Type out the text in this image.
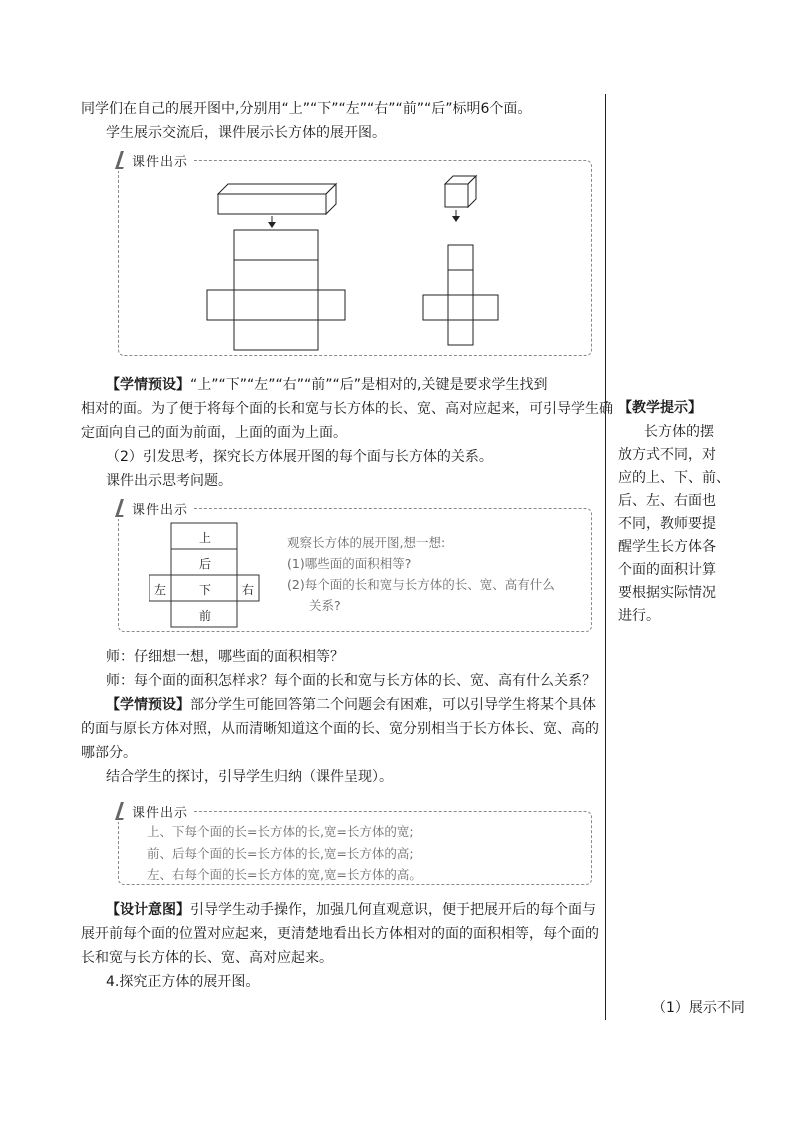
同学们在自己的展开图中,分别用“上”“下”“左”“右”“前”“后”标明6个面。
学生展示交流后，课件展示长方体的展开图。
课件出示
【学情预设】“上”“下”“左”“右”“前”“后”是相对的,关键是要求学生找到
相对的面。为了便于将每个面的长和宽与长方体的长、宽、高对应起来，可引导学生确
定面向自己的面为前面，上面的面为上面。
（2）引发思考，探究长方体展开图的每个面与长方体的关系。
课件出示思考问题。
上
后
左	下	右
前
观察长方体的展开图,想一想:
(1)哪些面的面积相等?
(2)每个面的长和宽与长方体的长、宽、高有什么
关系?
课件出示
师：仔细想一想，哪些面的面积相等？
师：每个面的面积怎样求？每个面的长和宽与长方体的长、宽、高有什么关系？
【学情预设】部分学生可能回答第二个问题会有困难，可以引导学生将某个具体
的面与原长方体对照，从而清晰知道这个面的长、宽分别相当于长方体长、宽、高的
哪部分。
结合学生的探讨，引导学生归纳（课件呈现）。
上、下每个面的长=长方体的长,宽=长方体的宽;
前、后每个面的长=长方体的长,宽=长方体的高;
左、右每个面的长=长方体的宽,宽=长方体的高。
课件出示
【设计意图】引导学生动手操作，加强几何直观意识，便于把展开后的每个面与
展开前每个面的位置对应起来，更清楚地看出长方体相对的面的面积相等，每个面的
长和宽与长方体的长、宽、高对应起来。
4.探究正方体的展开图。
【教学提示】
长方体的摆
放方式不同，对
应的上、下、前、
后、左、右面也
不同，教师要提
醒学生长方体各
个面的面积计算
要根据实际情况
进行。
（1）展示不同
